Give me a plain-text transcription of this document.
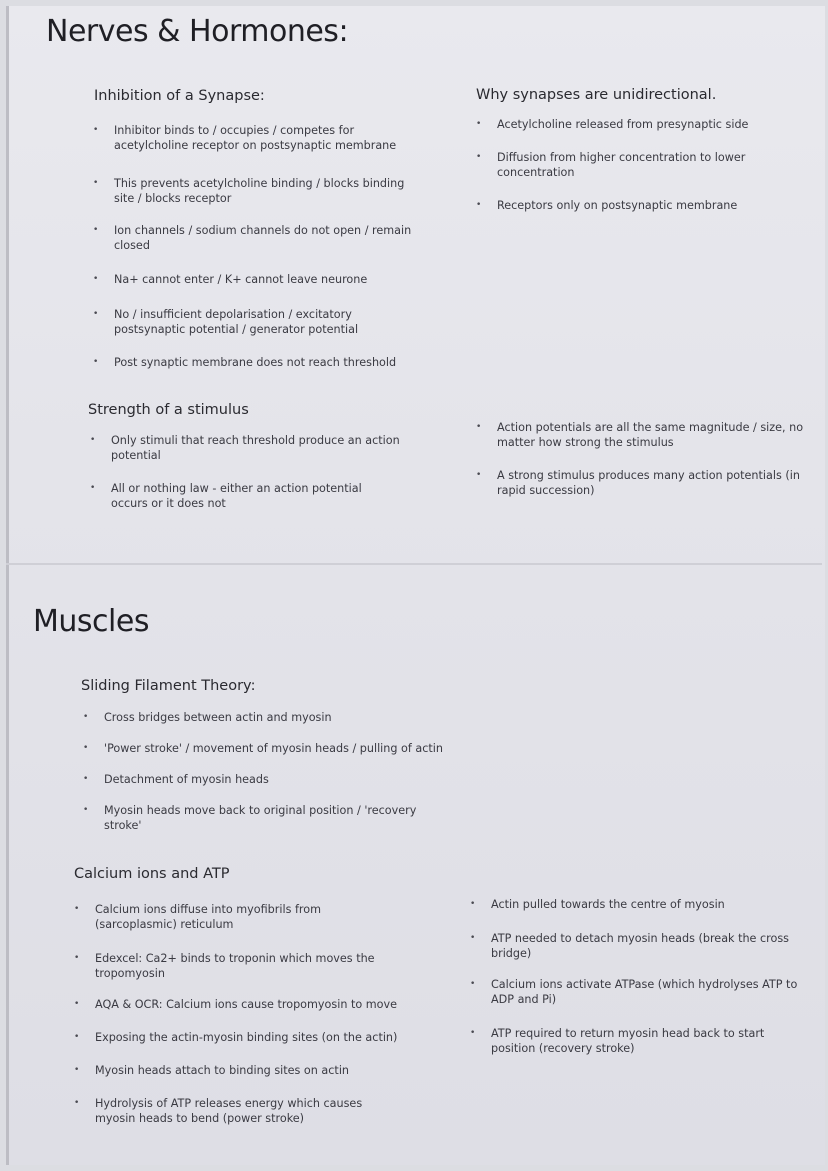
Nerves & Hormones:
Inhibition of a Synapse:
• Inhibitor binds to / occupies / competes for acetylcholine receptor on postsynaptic membrane
• This prevents acetylcholine binding / blocks binding site / blocks receptor
• Ion channels / sodium channels do not open / remain closed
• Na+ cannot enter / K+ cannot leave neurone
• No / insufficient depolarisation / excitatory postsynaptic potential / generator potential
• Post synaptic membrane does not reach threshold
Why synapses are unidirectional.
• Acetylcholine released from presynaptic side
• Diffusion from higher concentration to lower concentration
• Receptors only on postsynaptic membrane
Strength of a stimulus
• Only stimuli that reach threshold produce an action potential
• All or nothing law - either an action potential occurs or it does not
• Action potentials are all the same magnitude / size, no matter how strong the stimulus
• A strong stimulus produces many action potentials (in rapid succession)
Muscles
Sliding Filament Theory:
• Cross bridges between actin and myosin
• 'Power stroke' / movement of myosin heads / pulling of actin
• Detachment of myosin heads
• Myosin heads move back to original position / 'recovery stroke'
Calcium ions and ATP
• Calcium ions diffuse into myofibrils from (sarcoplasmic) reticulum
• Edexcel: Ca2+ binds to troponin which moves the tropomyosin
• AQA & OCR: Calcium ions cause tropomyosin to move
• Exposing the actin-myosin binding sites (on the actin)
• Myosin heads attach to binding sites on actin
• Hydrolysis of ATP releases energy which causes myosin heads to bend (power stroke)
• Actin pulled towards the centre of myosin
• ATP needed to detach myosin heads (break the cross bridge)
• Calcium ions activate ATPase (which hydrolyses ATP to ADP and Pi)
• ATP required to return myosin head back to start position (recovery stroke)
